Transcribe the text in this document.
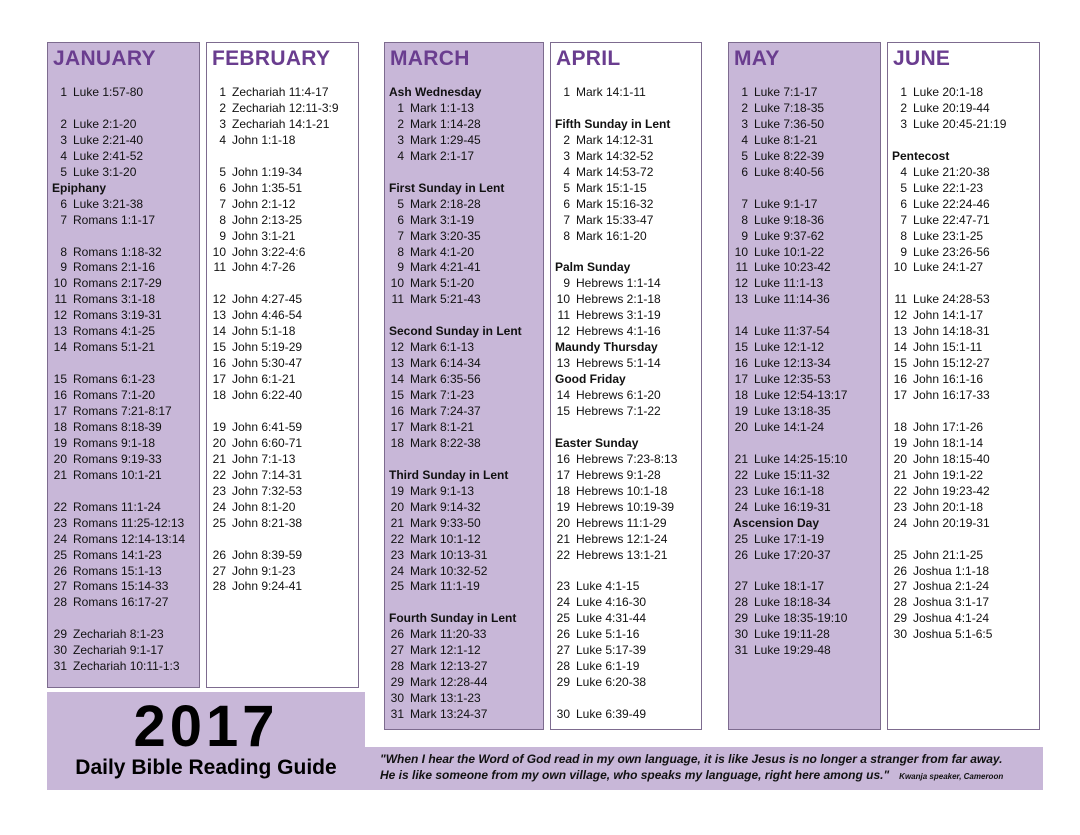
JANUARY
1 Luke 1:57-80
2 Luke 2:1-20
3 Luke 2:21-40
4 Luke 2:41-52
5 Luke 3:1-20
Epiphany
6 Luke 3:21-38
7 Romans 1:1-17
8 Romans 1:18-32
9 Romans 2:1-16
10 Romans 2:17-29
11 Romans 3:1-18
12 Romans 3:19-31
13 Romans 4:1-25
14 Romans 5:1-21
15 Romans 6:1-23
16 Romans 7:1-20
17 Romans 7:21-8:17
18 Romans 8:18-39
19 Romans 9:1-18
20 Romans 9:19-33
21 Romans 10:1-21
22 Romans 11:1-24
23 Romans 11:25-12:13
24 Romans 12:14-13:14
25 Romans 14:1-23
26 Romans 15:1-13
27 Romans 15:14-33
28 Romans 16:17-27
29 Zechariah 8:1-23
30 Zechariah 9:1-17
31 Zechariah 10:11-1:3
FEBRUARY
1 Zechariah 11:4-17
2 Zechariah 12:11-3:9
3 Zechariah 14:1-21
4 John 1:1-18
5 John 1:19-34
6 John 1:35-51
7 John 2:1-12
8 John 2:13-25
9 John 3:1-21
10 John 3:22-4:6
11 John 4:7-26
12 John 4:27-45
13 John 4:46-54
14 John 5:1-18
15 John 5:19-29
16 John 5:30-47
17 John 6:1-21
18 John 6:22-40
19 John 6:41-59
20 John 6:60-71
21 John 7:1-13
22 John 7:14-31
23 John 7:32-53
24 John 8:1-20
25 John 8:21-38
26 John 8:39-59
27 John 9:1-23
28 John 9:24-41
MARCH
Ash Wednesday
1 Mark 1:1-13
2 Mark 1:14-28
3 Mark 1:29-45
4 Mark 2:1-17
First Sunday in Lent
5 Mark 2:18-28
6 Mark 3:1-19
7 Mark 3:20-35
8 Mark 4:1-20
9 Mark 4:21-41
10 Mark 5:1-20
11 Mark 5:21-43
Second Sunday in Lent
12 Mark 6:1-13
13 Mark 6:14-34
14 Mark 6:35-56
15 Mark 7:1-23
16 Mark 7:24-37
17 Mark 8:1-21
18 Mark 8:22-38
Third Sunday in Lent
19 Mark 9:1-13
20 Mark 9:14-32
21 Mark 9:33-50
22 Mark 10:1-12
23 Mark 10:13-31
24 Mark 10:32-52
25 Mark 11:1-19
Fourth Sunday in Lent
26 Mark 11:20-33
27 Mark 12:1-12
28 Mark 12:13-27
29 Mark 12:28-44
30 Mark 13:1-23
31 Mark 13:24-37
APRIL
1 Mark 14:1-11
Fifth Sunday in Lent
2 Mark 14:12-31
3 Mark 14:32-52
4 Mark 14:53-72
5 Mark 15:1-15
6 Mark 15:16-32
7 Mark 15:33-47
8 Mark 16:1-20
Palm Sunday
9 Hebrews 1:1-14
10 Hebrews 2:1-18
11 Hebrews 3:1-19
12 Hebrews 4:1-16
Maundy Thursday
13 Hebrews 5:1-14
Good Friday
14 Hebrews 6:1-20
15 Hebrews 7:1-22
Easter Sunday
16 Hebrews 7:23-8:13
17 Hebrews 9:1-28
18 Hebrews 10:1-18
19 Hebrews 10:19-39
20 Hebrews 11:1-29
21 Hebrews 12:1-24
22 Hebrews 13:1-21
23 Luke 4:1-15
24 Luke 4:16-30
25 Luke 4:31-44
26 Luke 5:1-16
27 Luke 5:17-39
28 Luke 6:1-19
29 Luke 6:20-38
30 Luke 6:39-49
MAY
1 Luke 7:1-17
2 Luke 7:18-35
3 Luke 7:36-50
4 Luke 8:1-21
5 Luke 8:22-39
6 Luke 8:40-56
7 Luke 9:1-17
8 Luke 9:18-36
9 Luke 9:37-62
10 Luke 10:1-22
11 Luke 10:23-42
12 Luke 11:1-13
13 Luke 11:14-36
14 Luke 11:37-54
15 Luke 12:1-12
16 Luke 12:13-34
17 Luke 12:35-53
18 Luke 12:54-13:17
19 Luke 13:18-35
20 Luke 14:1-24
21 Luke 14:25-15:10
22 Luke 15:11-32
23 Luke 16:1-18
24 Luke 16:19-31
Ascension Day
25 Luke 17:1-19
26 Luke 17:20-37
27 Luke 18:1-17
28 Luke 18:18-34
29 Luke 18:35-19:10
30 Luke 19:11-28
31 Luke 19:29-48
JUNE
1 Luke 20:1-18
2 Luke 20:19-44
3 Luke 20:45-21:19
Pentecost
4 Luke 21:20-38
5 Luke 22:1-23
6 Luke 22:24-46
7 Luke 22:47-71
8 Luke 23:1-25
9 Luke 23:26-56
10 Luke 24:1-27
11 Luke 24:28-53
12 John 14:1-17
13 John 14:18-31
14 John 15:1-11
15 John 15:12-27
16 John 16:1-16
17 John 16:17-33
18 John 17:1-26
19 John 18:1-14
20 John 18:15-40
21 John 19:1-22
22 John 19:23-42
23 John 20:1-18
24 John 20:19-31
25 John 21:1-25
26 Joshua 1:1-18
27 Joshua 2:1-24
28 Joshua 3:1-17
29 Joshua 4:1-24
30 Joshua 5:1-6:5
2017
Daily Bible Reading Guide	"When I hear the Word of God read in my own language, it is like Jesus is no longer a stranger from far away.
He is like someone from my own village, who speaks my language, right here among us." Kwanja speaker, Cameroon
